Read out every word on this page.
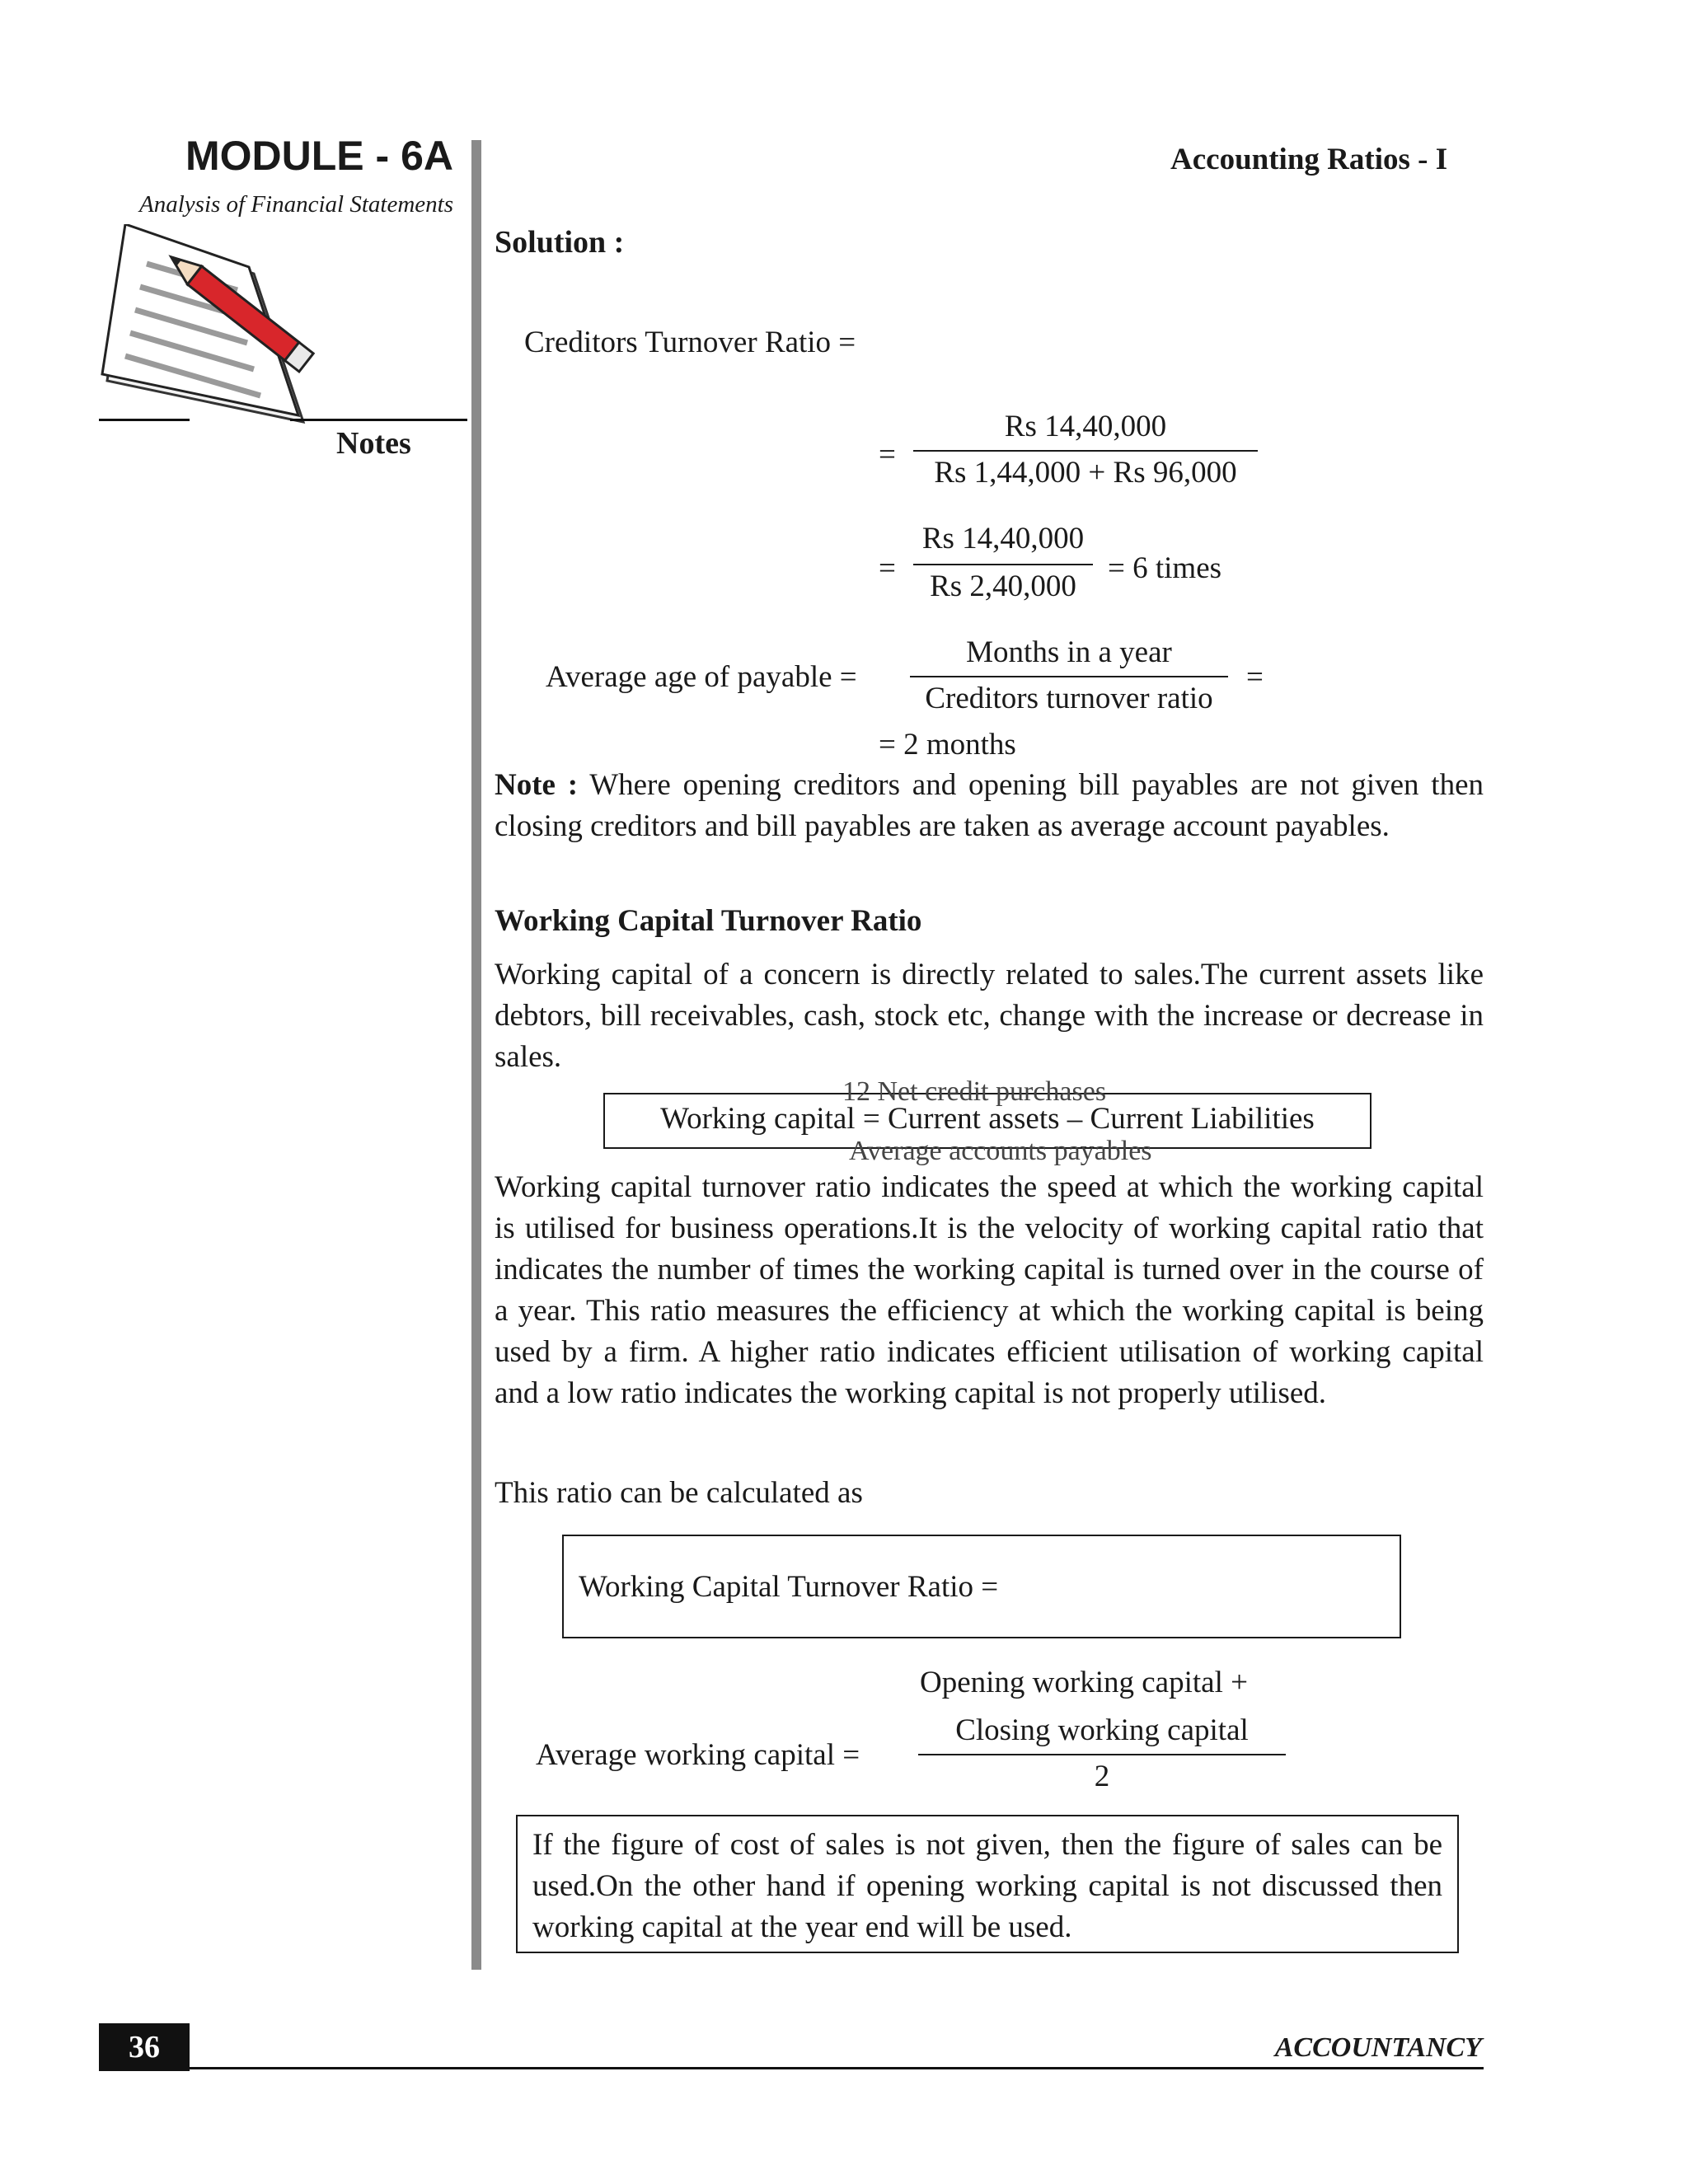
MODULE - 6A
Analysis of Financial Statements
Notes
Accounting Ratios - I
Solution :
Creditors Turnover Ratio =
=
Rs 14,40,000
Rs 1,44,000 + Rs 96,000
=
Rs 14,40,000
Rs 2,40,000
= 6 times
Average age of payable =
Months in a year
Creditors turnover ratio
=
= 2 months
Note : Where opening creditors and opening bill payables are not given then closing creditors and bill payables are taken as average account payables.
Working Capital Turnover Ratio
Working capital of a concern is directly related to sales.The current assets like debtors, bill receivables, cash, stock etc, change with the increase or decrease in sales.
Working capital = Current assets – Current Liabilities
12 Net credit purchases
Average accounts payables
Working capital turnover ratio indicates the speed at which the working capital is utilised for business operations.It is the velocity of working capital ratio that indicates the number of times the working capital is turned over in the course of a year. This ratio measures the efficiency at which the working capital is being used by a firm. A higher ratio indicates efficient utilisation of working capital and a low ratio indicates the working capital is not properly utilised.
This ratio can be calculated as
Working Capital Turnover Ratio =
Opening working capital +
Average working capital =
Closing working capital
2
If the figure of cost of sales is not given, then the figure of sales can be used.On the other hand if opening working capital is not discussed then working capital at the year end will be used.
36	ACCOUNTANCY
